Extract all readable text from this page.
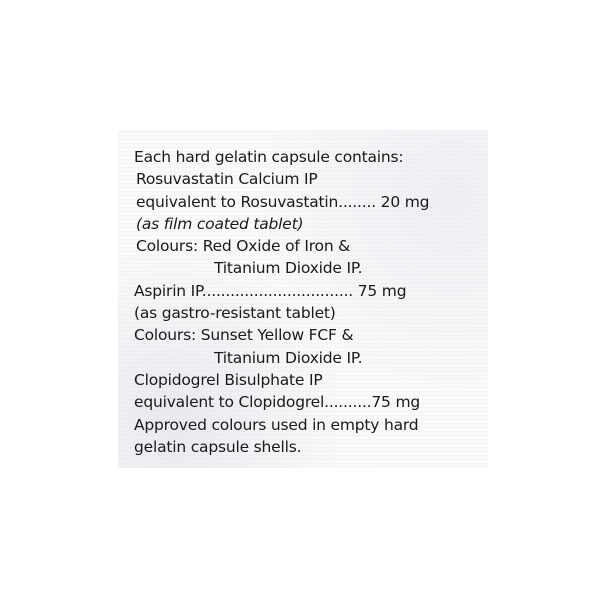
Each hard gelatin capsule contains:
Rosuvastatin Calcium IP
equivalent to Rosuvastatin........ 20 mg
(as film coated tablet)
Colours: Red Oxide of Iron &
Titanium Dioxide IP.
Aspirin IP................................ 75 mg
(as gastro-resistant tablet)
Colours: Sunset Yellow FCF &
Titanium Dioxide IP.
Clopidogrel Bisulphate IP
equivalent to Clopidogrel..........75 mg
Approved colours used in empty hard
gelatin capsule shells.
